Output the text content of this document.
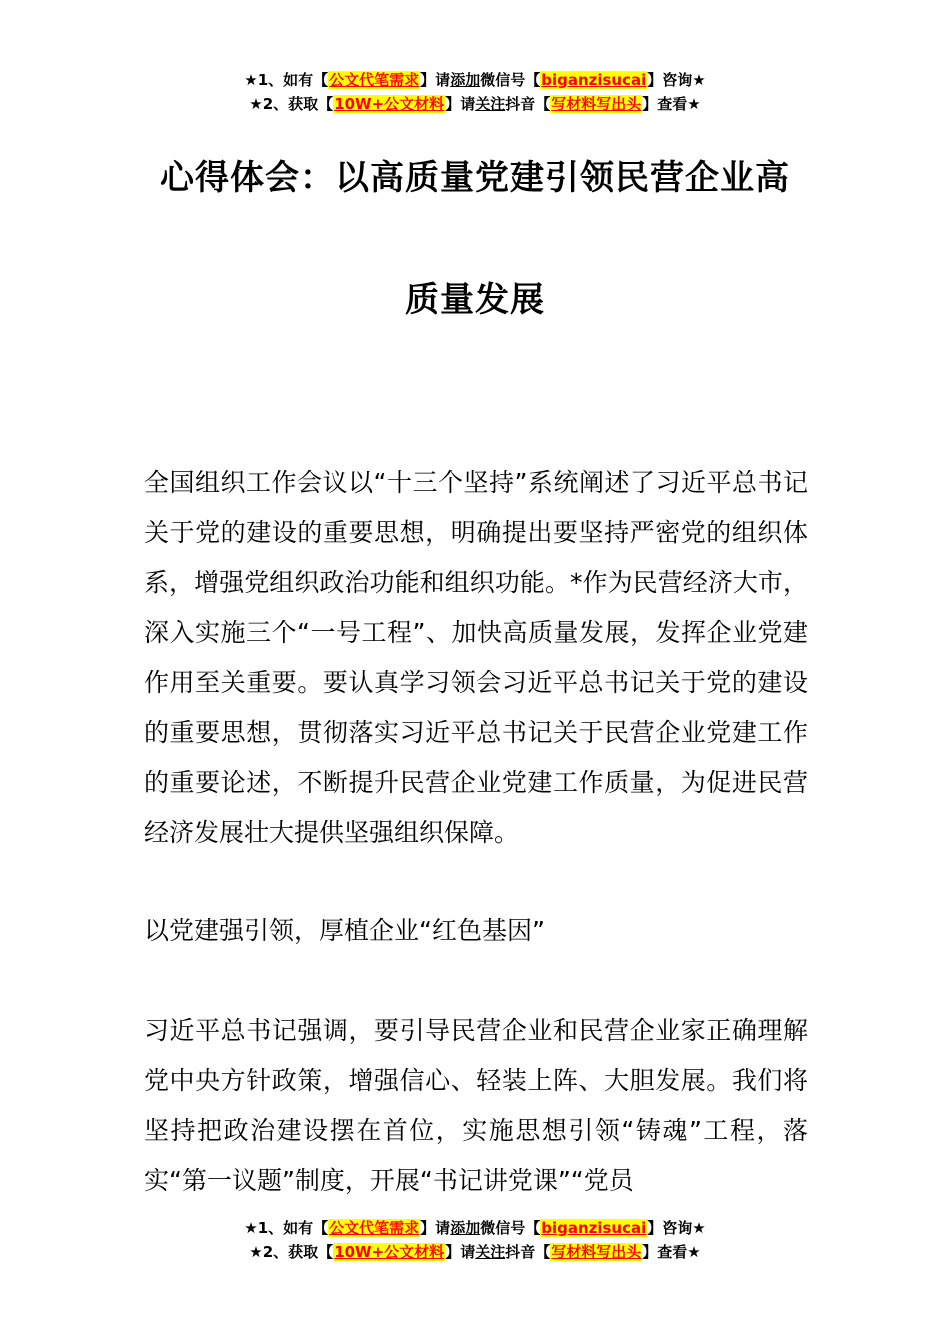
★1、如有【公文代笔需求】请添加微信号【biganzisucai】咨询★
★2、获取【10W+公文材料】请关注抖音【写材料写出头】查看★
心得体会：以高质量党建引领民营企业高
质量发展

全国组织工作会议以“十三个坚持”系统阐述了习近平总书记关于党的建设的重要思想，明确提出要坚持严密党的组织体系，增强党组织政治功能和组织功能。*作为民营经济大市，深入实施三个“一号工程”、加快高质量发展，发挥企业党建作用至关重要。要认真学习领会习近平总书记关于党的建设的重要思想，贯彻落实习近平总书记关于民营企业党建工作的重要论述，不断提升民营企业党建工作质量，为促进民营经济发展壮大提供坚强组织保障。

以党建强引领，厚植企业“红色基因”

习近平总书记强调，要引导民营企业和民营企业家正确理解党中央方针政策，增强信心、轻装上阵、大胆发展。我们将坚持把政治建设摆在首位，实施思想引领“铸魂”工程，落实“第一议题”制度，开展“书记讲党课”“党员

★1、如有【公文代笔需求】请添加微信号【biganzisucai】咨询★
★2、获取【10W+公文材料】请关注抖音【写材料写出头】查看★
